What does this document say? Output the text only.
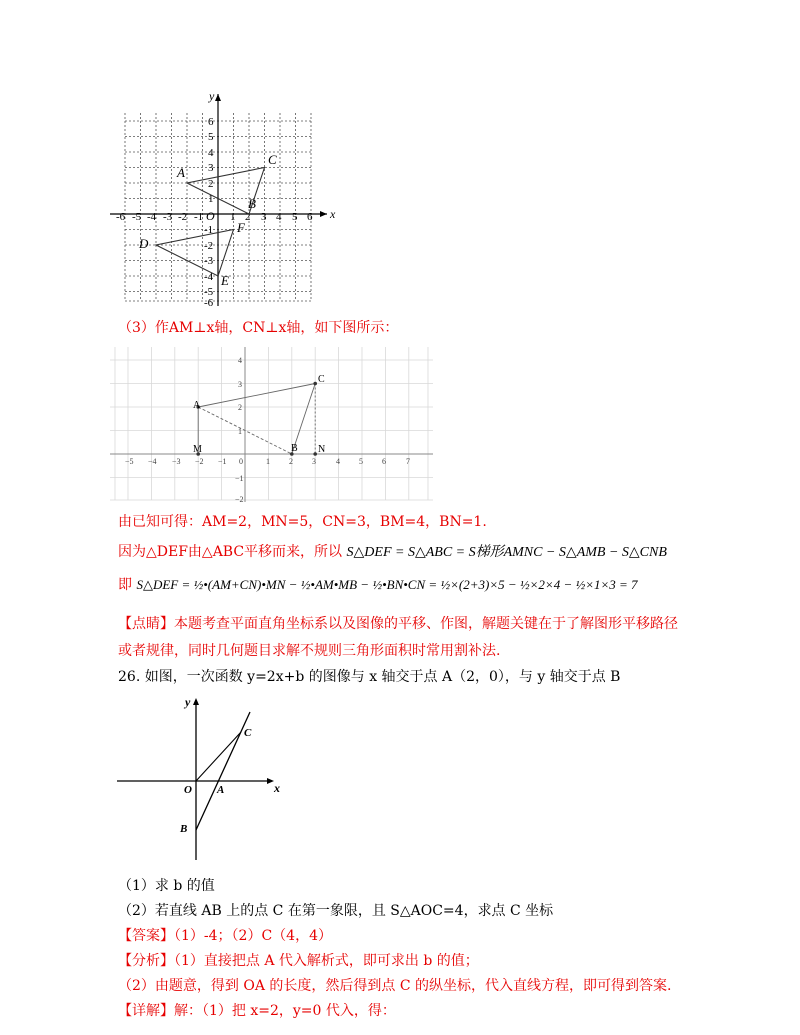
x
y
-6 -5 -4 -3 -2 -1 1 2 3 4 5 6
O
6
5
4
3
2
1
-1
-2
-3
-4
-5
-6
A
B
C
D
E
F
（3）作AM⊥x轴，CN⊥x轴，如下图所示：
−5 −4 −3 −2 −1 0	1 2 3	4 5 6	7
4
3
2
1
−1
−2
A
B
C
M	N
由已知可得：AM=2，MN=5，CN=3，BM=4，BN=1.
因为△DEF由△ABC平移而来，所以 S△DEF = S△ABC = S梯形AMNC − S△AMB − S△CNB
即 S△DEF = ½•(AM+CN)•MN − ½•AM•MB − ½•BN•CN = ½×(2+3)×5 − ½×2×4 − ½×1×3 = 7
【点睛】本题考查平面直角坐标系以及图像的平移、作图，解题关键在于了解图形平移路径
或者规律，同时几何题目求解不规则三角形面积时常用割补法.
26. 如图，一次函数 y=2x+b 的图像与 x 轴交于点 A（2，0），与 y 轴交于点 B
x
y
O A
B
C
（1）求 b 的值
（2）若直线 AB 上的点 C 在第一象限，且 S△AOC=4，求点 C 坐标
【答案】（1）-4；（2）C（4，4）
【分析】（1）直接把点 A 代入解析式，即可求出 b 的值；
（2）由题意，得到 OA 的长度，然后得到点 C 的纵坐标，代入直线方程，即可得到答案.
【详解】解：（1）把 x=2，y=0 代入，得：
